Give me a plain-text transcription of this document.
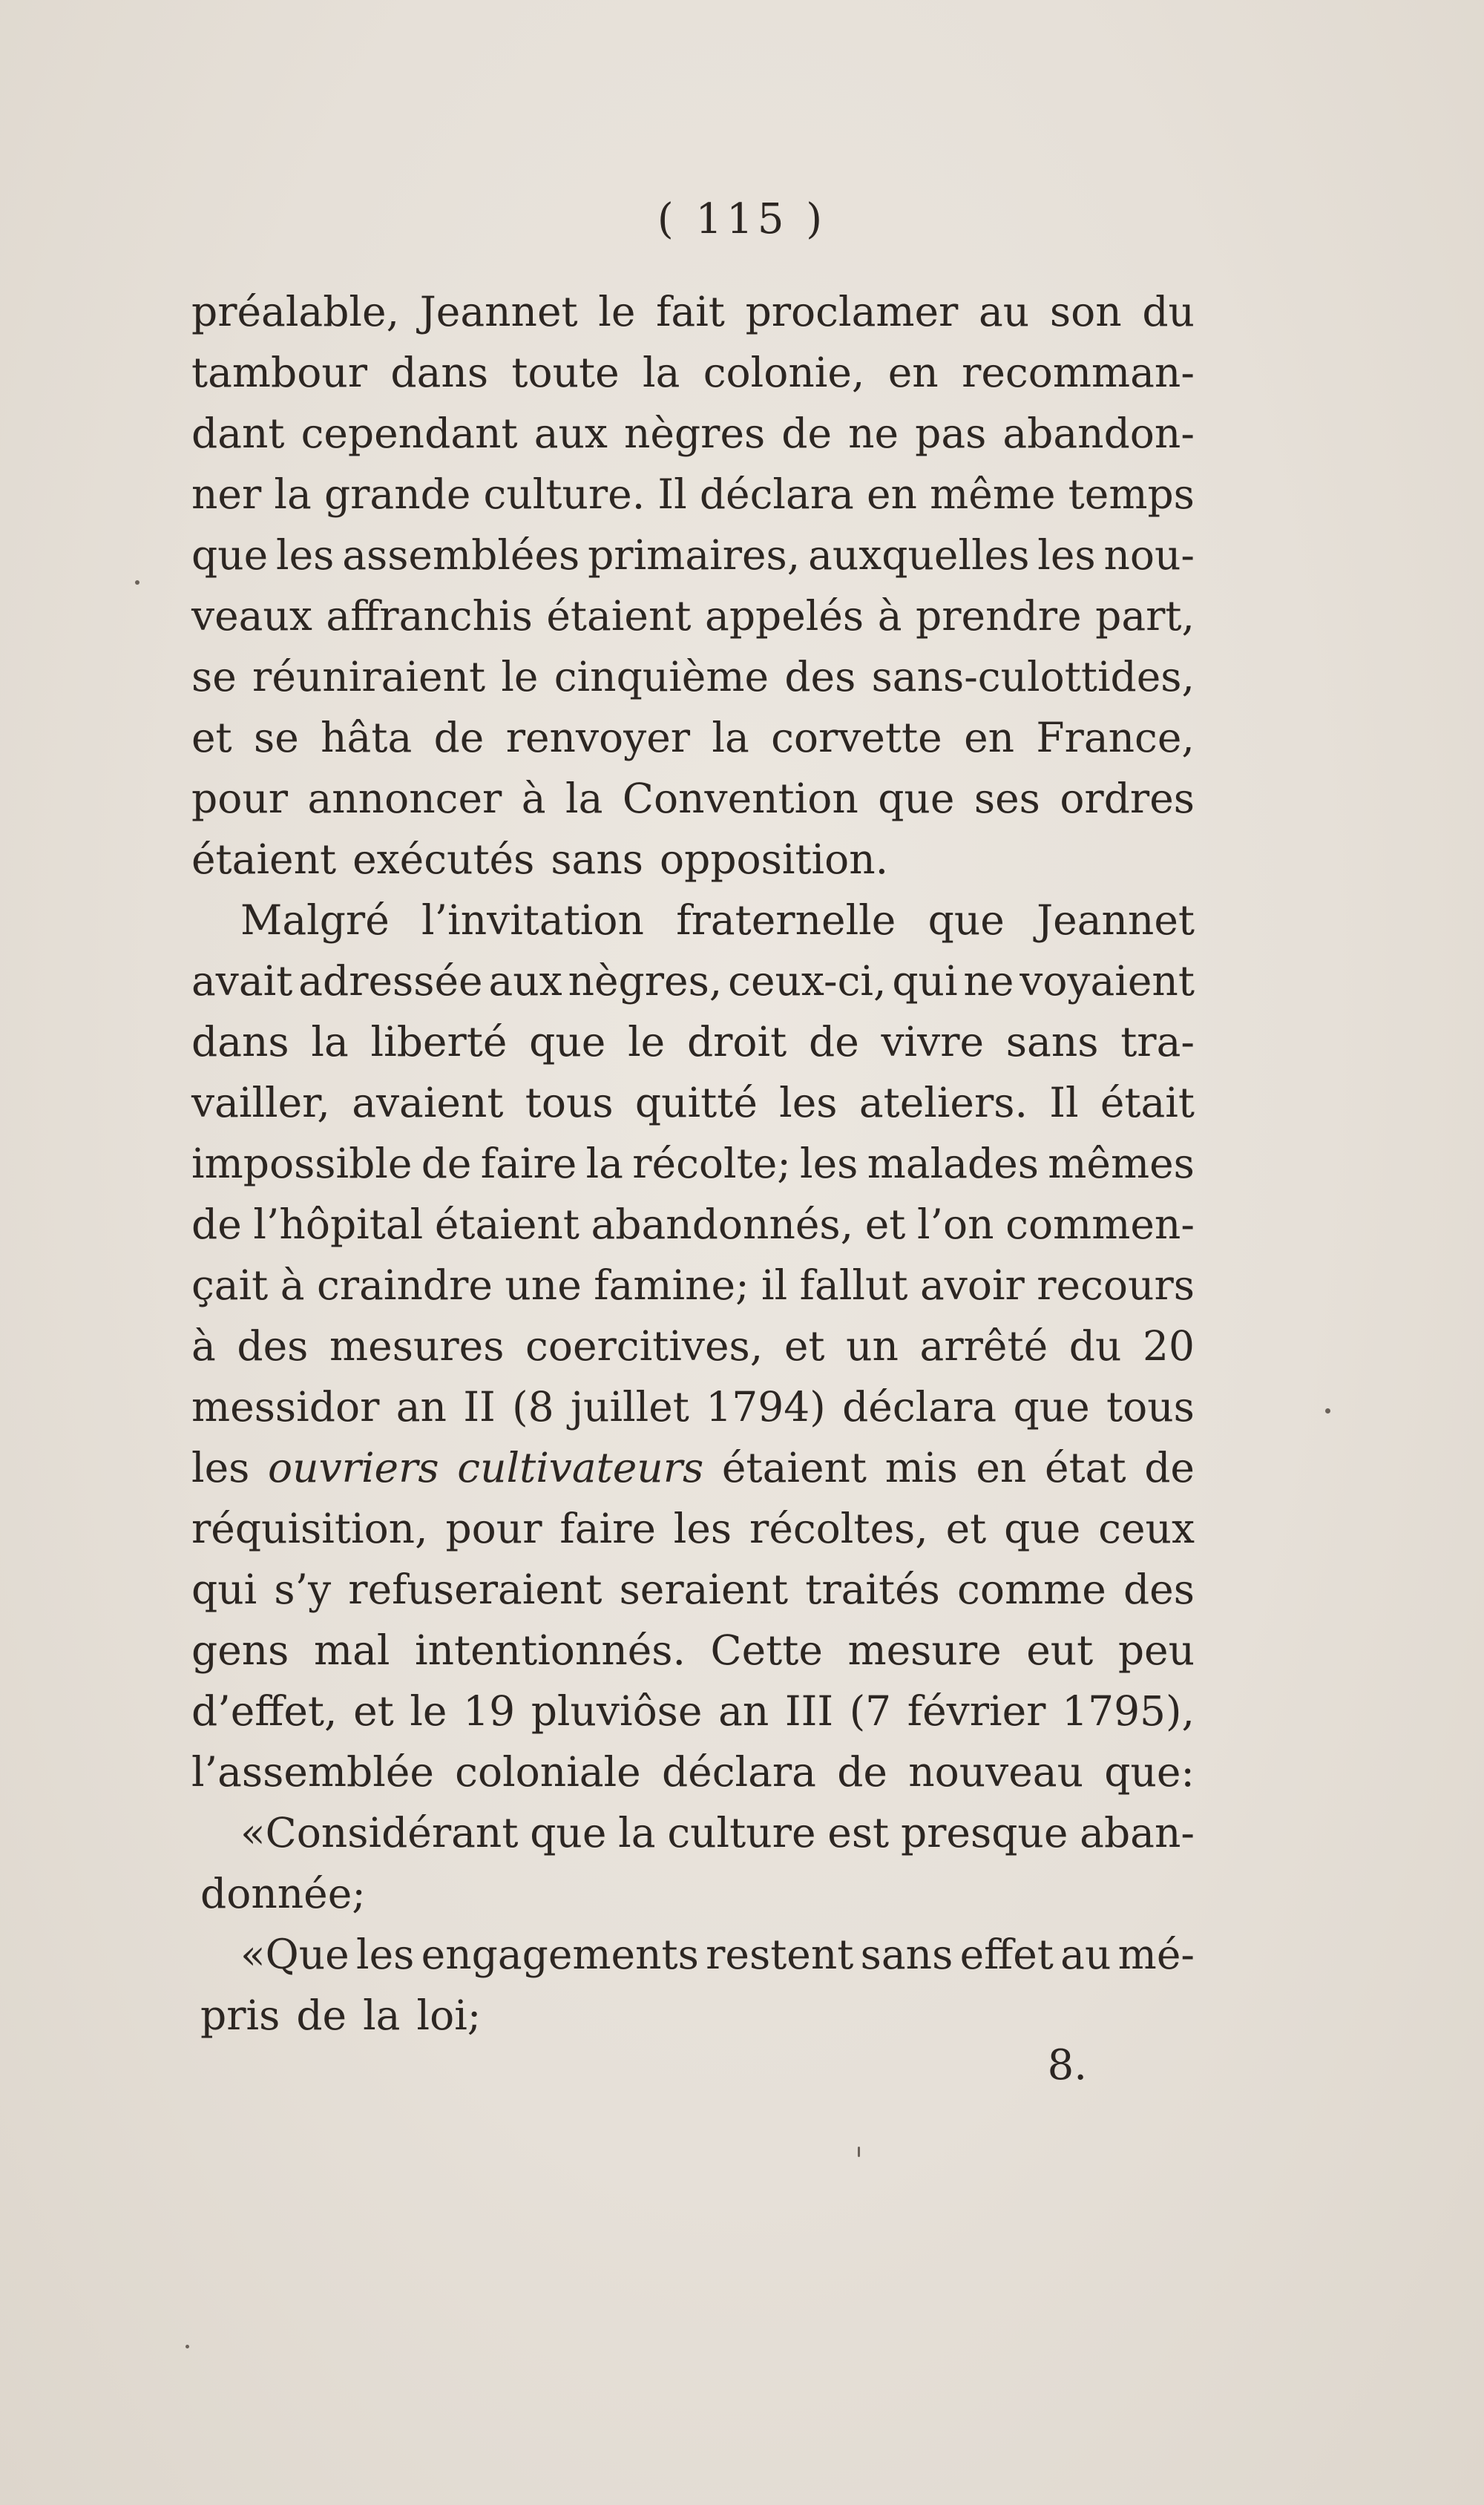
( 115 )
préalable, Jeannet le fait proclamer au son du
tambour dans toute la colonie, en recomman-
dant cependant aux nègres de ne pas abandon-
ner la grande culture. Il déclara en même temps
que les assemblées primaires, auxquelles les nou-
veaux affranchis étaient appelés à prendre part,
se réuniraient le cinquième des sans-culottides,
et se hâta de renvoyer la corvette en France,
pour annoncer à la Convention que ses ordres
étaient exécutés sans opposition.
Malgré l’invitation fraternelle que Jeannet
avait adressée aux nègres, ceux-ci, qui ne voyaient
dans la liberté que le droit de vivre sans tra-
vailler, avaient tous quitté les ateliers. Il était
impossible de faire la récolte; les malades mêmes
de l’hôpital étaient abandonnés, et l’on commen-
çait à craindre une famine; il fallut avoir recours
à des mesures coercitives, et un arrêté du 20
messidor an II (8 juillet 1794) déclara que tous
les ouvriers cultivateurs étaient mis en état de
réquisition, pour faire les récoltes, et que ceux
qui s’y refuseraient seraient traités comme des
gens mal intentionnés. Cette mesure eut peu
d’effet, et le 19 pluviôse an III (7 février 1795),
l’assemblée coloniale déclara de nouveau que:
«Considérant que la culture est presque aban-
donnée;
«Que les engagements restent sans effet au mé-
pris de la loi;
8.
